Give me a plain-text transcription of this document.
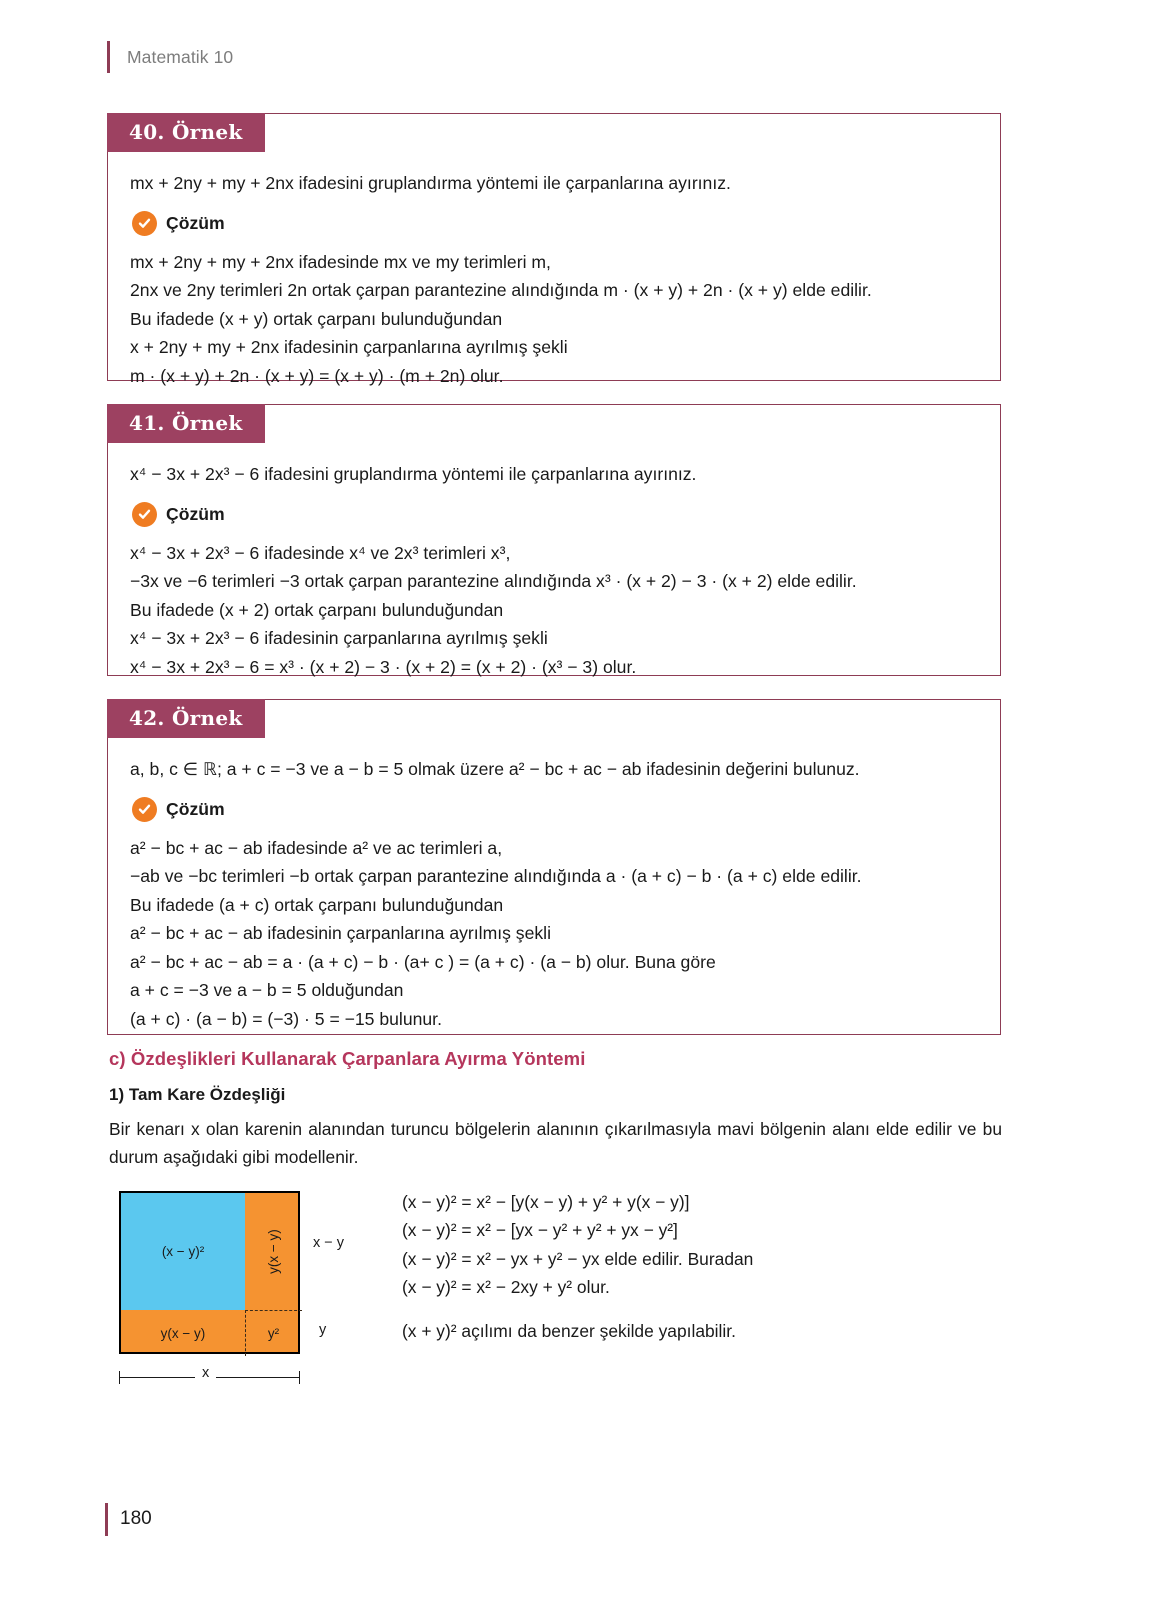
Matematik 10
40. Örnek

mx + 2ny + my + 2nx ifadesini gruplandırma yöntemi ile çarpanlarına ayırınız.

Çözüm

mx + 2ny + my + 2nx ifadesinde mx ve my terimleri m,

2nx ve 2ny terimleri 2n ortak çarpan parantezine alındığında m · (x + y) + 2n · (x + y) elde edilir.

Bu ifadede (x + y) ortak çarpanı bulunduğundan

x + 2ny + my + 2nx ifadesinin çarpanlarına ayrılmış şekli

m · (x + y) + 2n · (x + y) = (x + y) · (m + 2n) olur.

41. Örnek

x⁴ − 3x + 2x³ − 6 ifadesini gruplandırma yöntemi ile çarpanlarına ayırınız.

Çözüm

x⁴ − 3x + 2x³ − 6 ifadesinde x⁴ ve 2x³ terimleri x³,

−3x ve −6 terimleri −3 ortak çarpan parantezine alındığında x³ · (x + 2) − 3 · (x + 2) elde edilir.

Bu ifadede (x + 2) ortak çarpanı bulunduğundan

x⁴ − 3x + 2x³ − 6 ifadesinin çarpanlarına ayrılmış şekli

x⁴ − 3x + 2x³ − 6 = x³ · (x + 2) − 3 · (x + 2) = (x + 2) · (x³ − 3) olur.

42. Örnek

a, b, c ∈ ℝ; a + c = −3 ve a − b = 5 olmak üzere a² − bc + ac − ab ifadesinin değerini bulunuz.

Çözüm

a² − bc + ac − ab ifadesinde a² ve ac terimleri a,

−ab ve −bc terimleri −b ortak çarpan parantezine alındığında a · (a + c) − b · (a + c) elde edilir.

Bu ifadede (a + c) ortak çarpanı bulunduğundan

a² − bc + ac − ab ifadesinin çarpanlarına ayrılmış şekli

a² − bc + ac − ab = a · (a + c) − b · (a+ c ) = (a + c) · (a − b) olur. Buna göre

a + c = −3 ve a − b = 5 olduğundan

(a + c) · (a − b) = (−3) · 5 = −15 bulunur.

c) Özdeşlikleri Kullanarak Çarpanlara Ayırma Yöntemi
1) Tam Kare Özdeşliği
Bir kenarı x olan karenin alanından turuncu bölgelerin alanının çıkarılmasıyla mavi bölgenin alanı elde edilir ve bu durum aşağıdaki gibi modellenir.
(x − y)²	y(x − y)
y(x − y)	y²
x − y
y
x
(x − y)² = x² − [y(x − y) + y² + y(x − y)]
(x − y)² = x² − [yx − y² + y² + yx − y²]
(x − y)² = x² − yx + y² − yx elde edilir. Buradan
(x − y)² = x² − 2xy + y² olur.
(x + y)² açılımı da benzer şekilde yapılabilir.
180
